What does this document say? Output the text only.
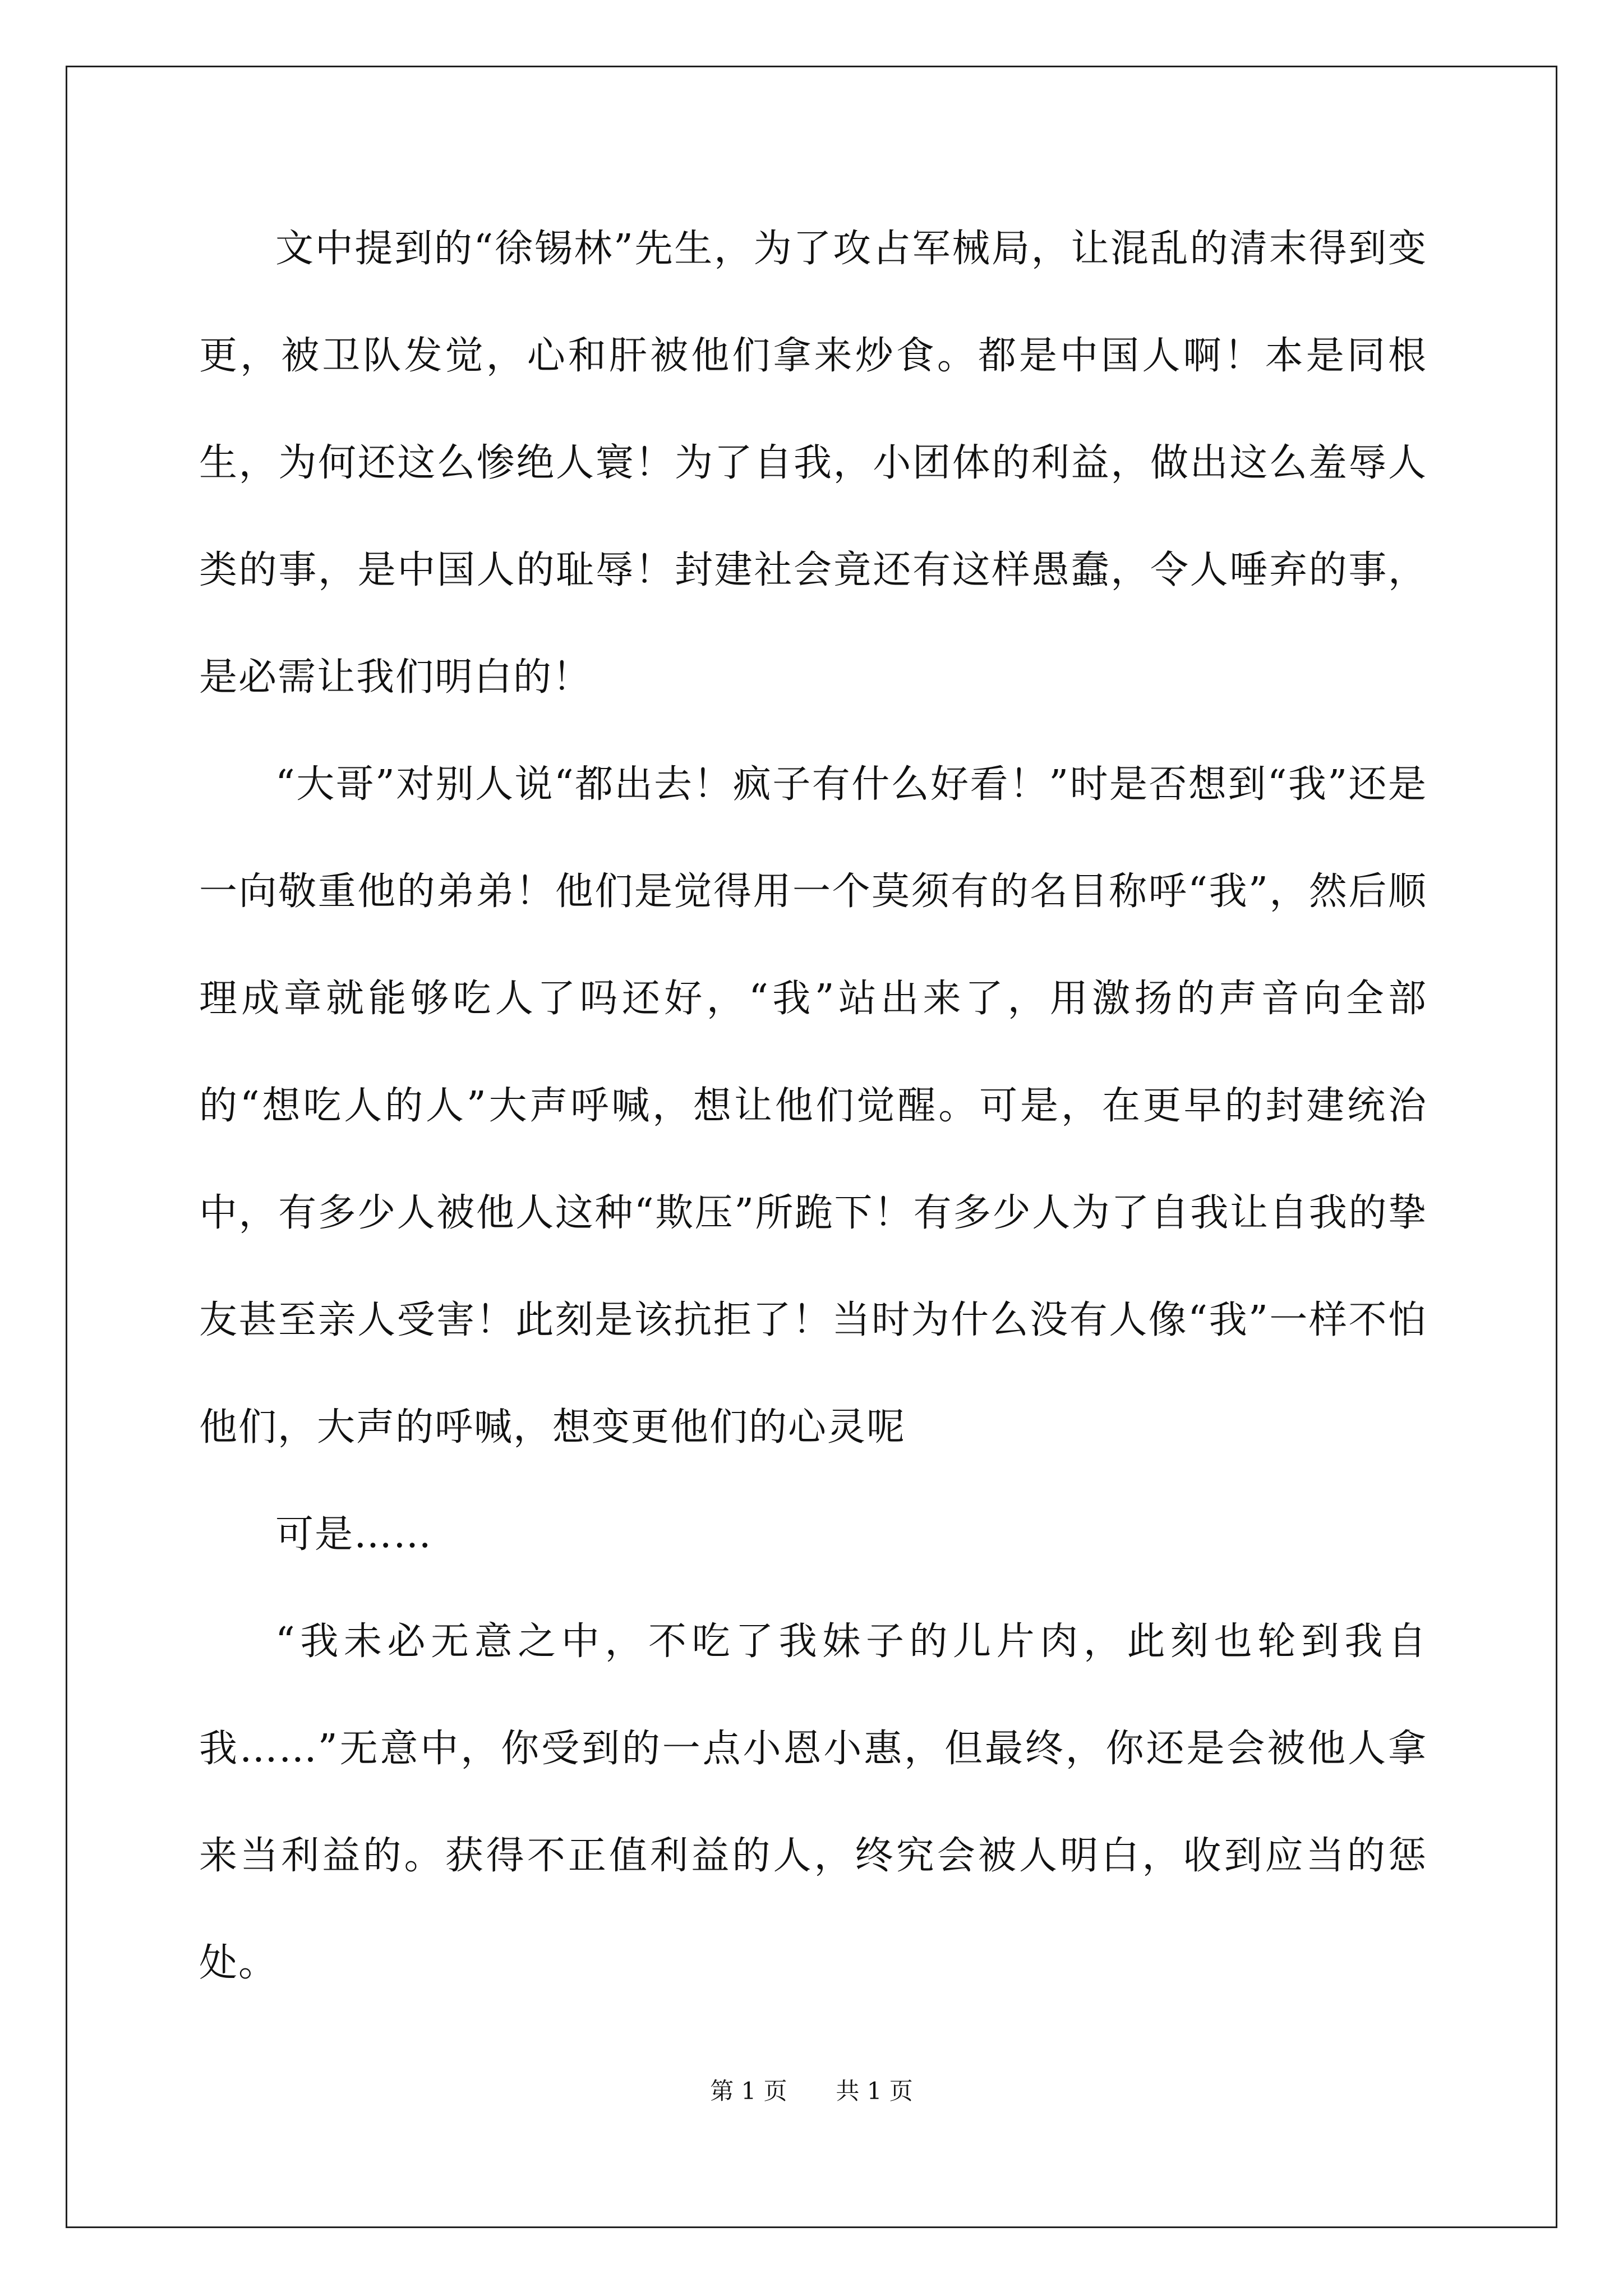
文中提到的“徐锡林”先生，为了攻占军械局，让混乱的清末得到变更，被卫队发觉，心和肝被他们拿来炒食。都是中国人啊！本是同根生，为何还这么惨绝人寰！为了自我，小团体的利益，做出这么羞辱人类的事，是中国人的耻辱！封建社会竟还有这样愚蠢，令人唾弃的事，是必需让我们明白的！

“大哥”对别人说“都出去！疯子有什么好看！”时是否想到“我”还是一向敬重他的弟弟！他们是觉得用一个莫须有的名目称呼“我”，然后顺理成章就能够吃人了吗还好，“我”站出来了，用激扬的声音向全部的“想吃人的人”大声呼喊，想让他们觉醒。可是，在更早的封建统治中，有多少人被他人这种“欺压”所跪下！有多少人为了自我让自我的挚友甚至亲人受害！此刻是该抗拒了！当时为什么没有人像“我”一样不怕他们，大声的呼喊，想变更他们的心灵呢

可是……

“我未必无意之中，不吃了我妹子的儿片肉，此刻也轮到我自我……”无意中，你受到的一点小恩小惠，但最终，你还是会被他人拿来当利益的。获得不正值利益的人，终究会被人明白，收到应当的惩处。

第 1 页 共 1 页
